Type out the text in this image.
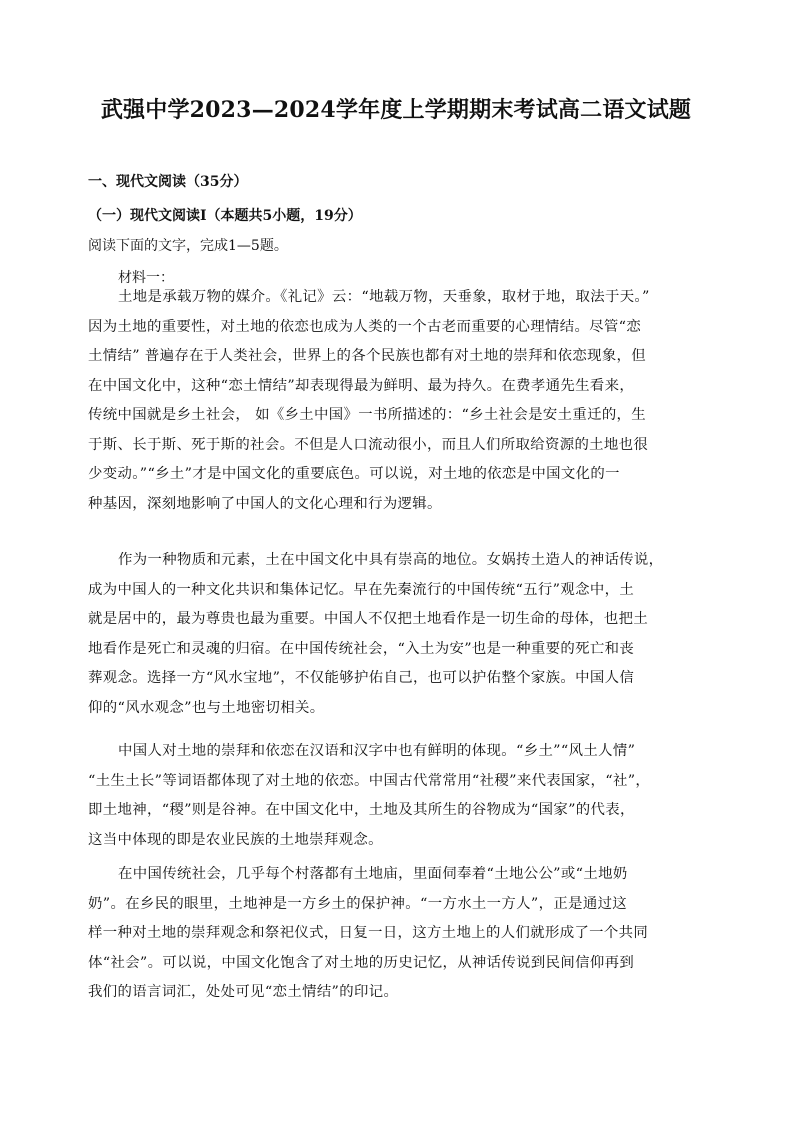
武强中学2023—2024学年度上学期期末考试高二语文试题
一、现代文阅读（35分）
（一）现代文阅读Ⅰ（本题共5小题，19分）
阅读下面的文字，完成1—5题。
材料一：
土地是承载万物的媒介。《礼记》云：“地载万物，天垂象，取材于地，取法于天。”
因为土地的重要性，对土地的依恋也成为人类的一个古老而重要的心理情结。尽管“恋
土情结” 普遍存在于人类社会，世界上的各个民族也都有对土地的崇拜和依恋现象，但
在中国文化中，这种“恋土情结”却表现得最为鲜明、最为持久。在费孝通先生看来，
传统中国就是乡土社会， 如《乡土中国》一书所描述的：“乡土社会是安土重迁的，生
于斯、长于斯、死于斯的社会。不但是人口流动很小，而且人们所取给资源的土地也很
少变动。”“乡土”才是中国文化的重要底色。可以说，对土地的依恋是中国文化的一
种基因，深刻地影响了中国人的文化心理和行为逻辑。
作为一种物质和元素，土在中国文化中具有崇高的地位。女娲抟土造人的神话传说，
成为中国人的一种文化共识和集体记忆。早在先秦流行的中国传统“五行”观念中，土
就是居中的，最为尊贵也最为重要。中国人不仅把土地看作是一切生命的母体，也把土
地看作是死亡和灵魂的归宿。在中国传统社会，“入土为安”也是一种重要的死亡和丧
葬观念。选择一方“风水宝地”，不仅能够护佑自己，也可以护佑整个家族。中国人信
仰的“风水观念”也与土地密切相关。
中国人对土地的崇拜和依恋在汉语和汉字中也有鲜明的体现。“乡土”“风土人情”
“土生土长”等词语都体现了对土地的依恋。中国古代常常用“社稷”来代表国家，“社”，
即土地神，“稷”则是谷神。在中国文化中，土地及其所生的谷物成为“国家”的代表，
这当中体现的即是农业民族的土地崇拜观念。
在中国传统社会，几乎每个村落都有土地庙，里面伺奉着“土地公公”或“土地奶
奶”。在乡民的眼里，土地神是一方乡土的保护神。“一方水土一方人”，正是通过这
样一种对土地的崇拜观念和祭祀仪式，日复一日，这方土地上的人们就形成了一个共同
体“社会”。可以说，中国文化饱含了对土地的历史记忆，从神话传说到民间信仰再到
我们的语言词汇，处处可见“恋土情结”的印记。
